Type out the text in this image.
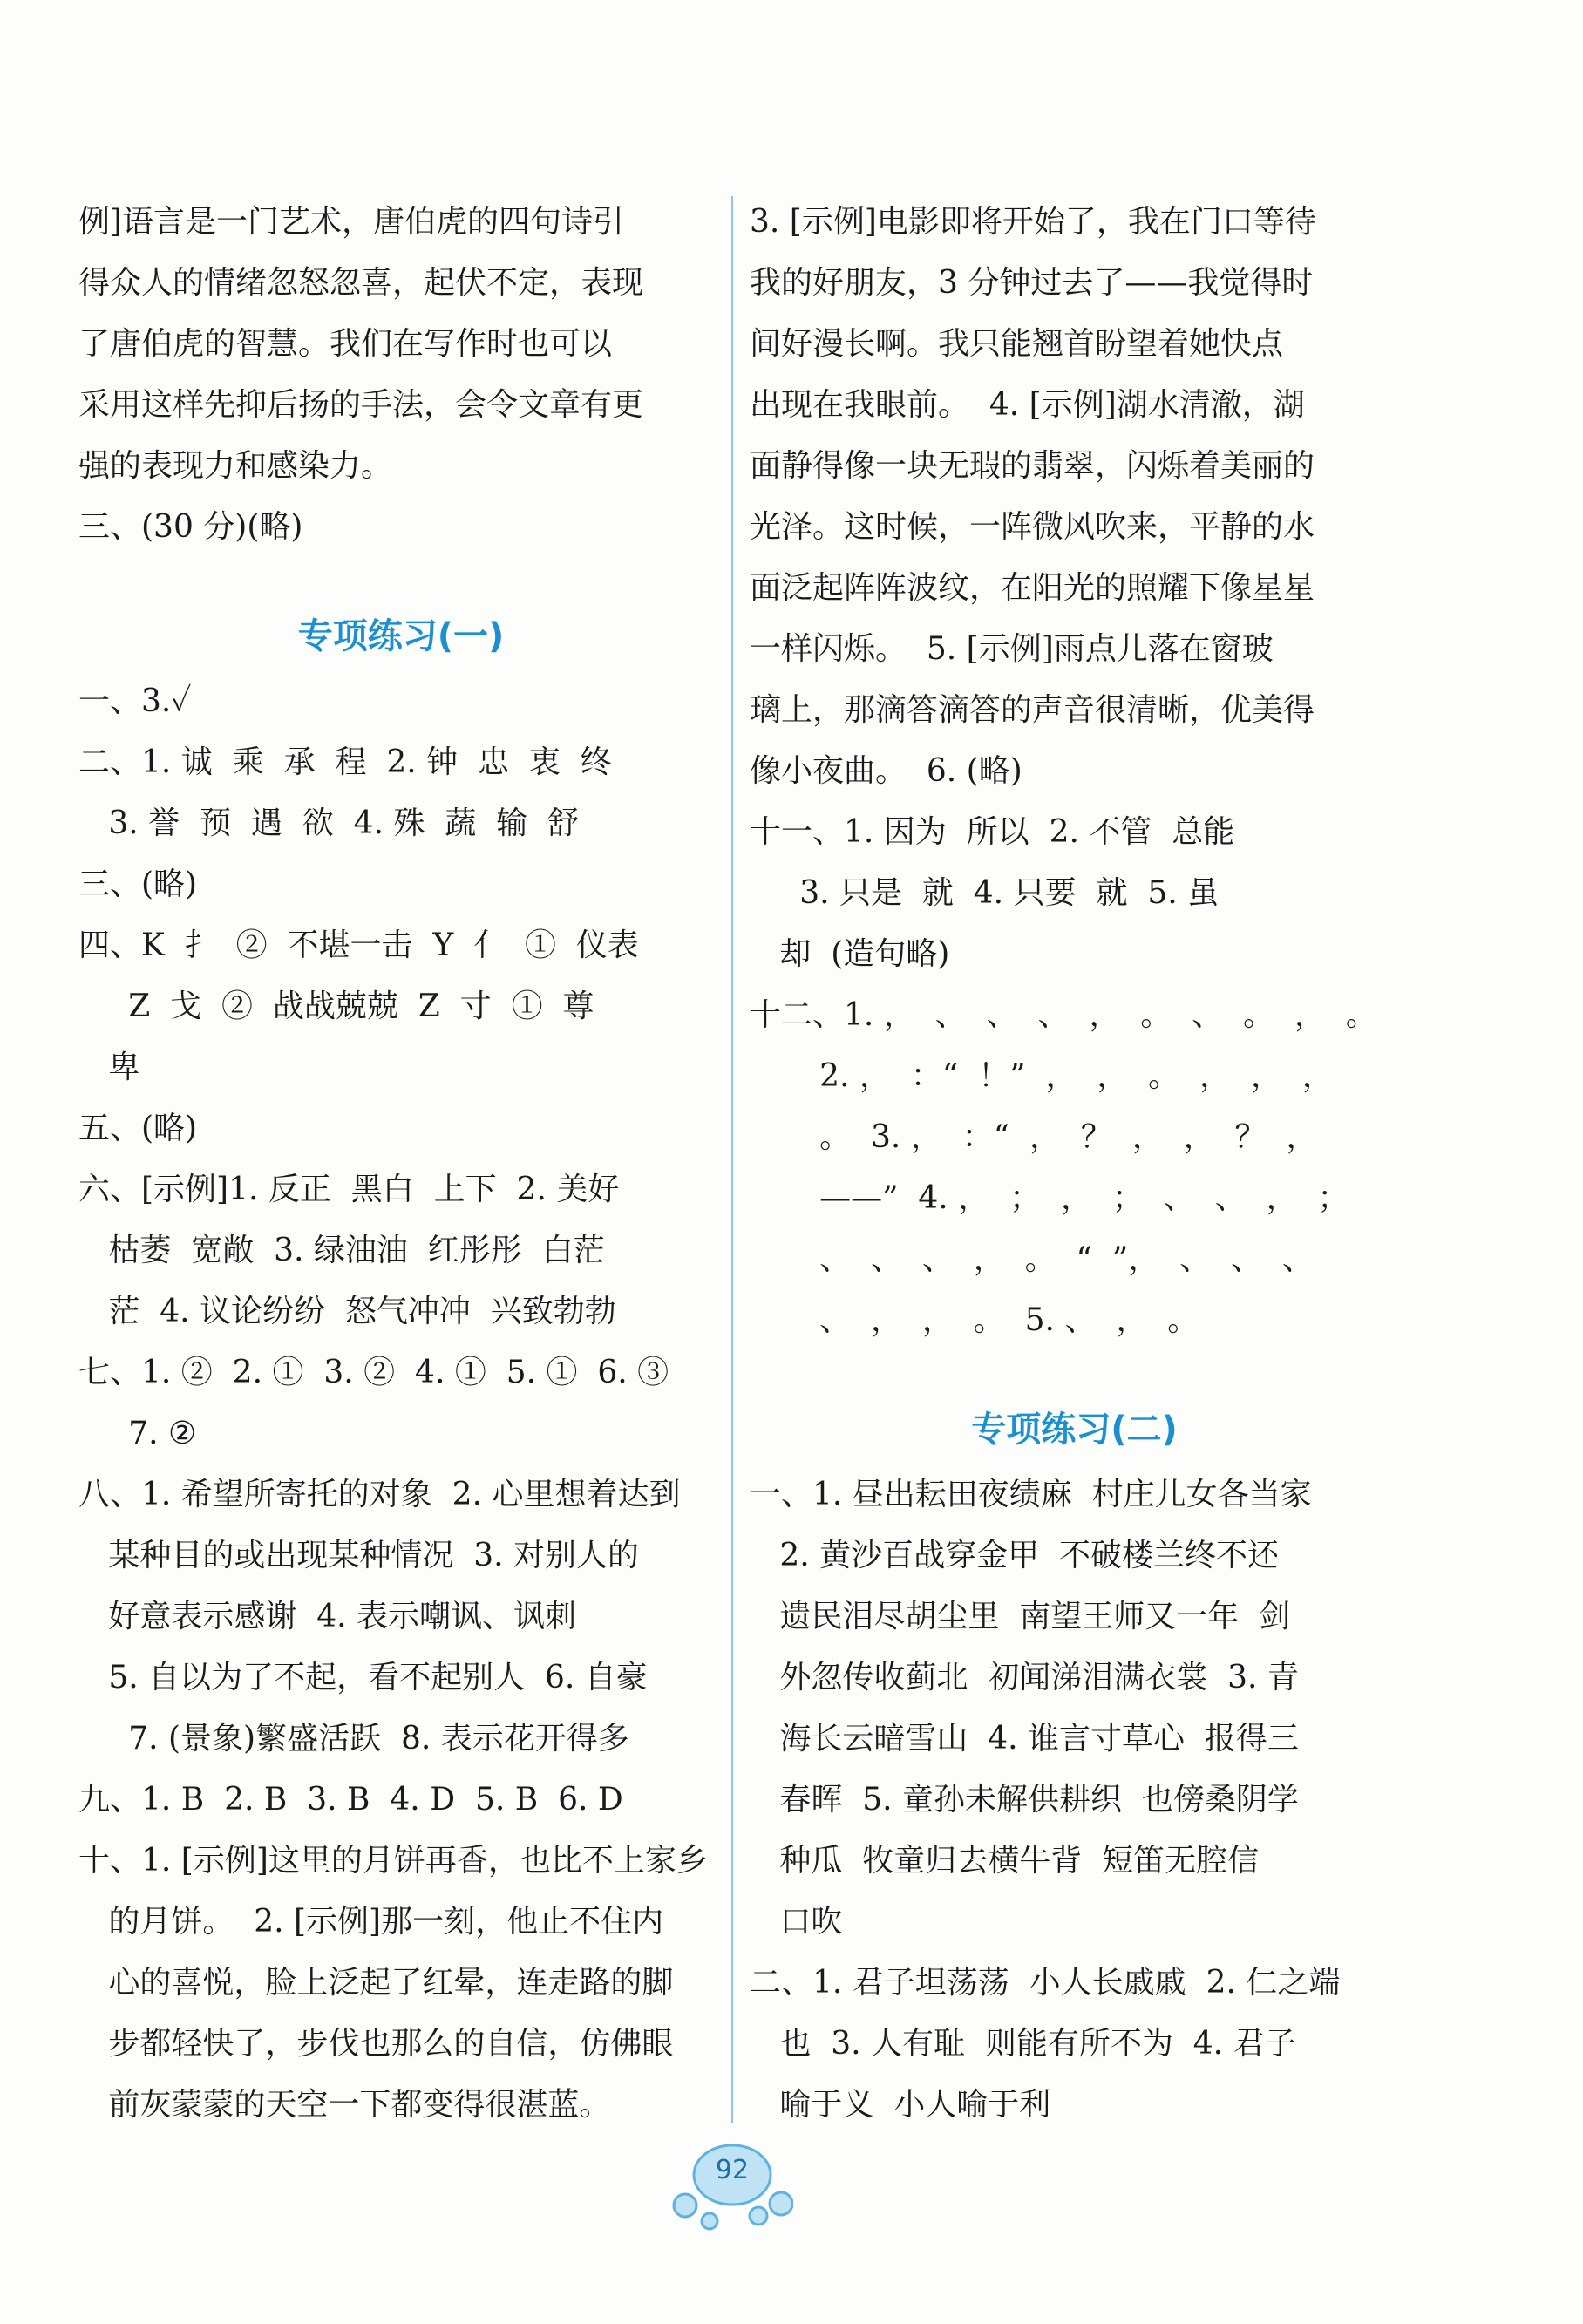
例]语言是一门艺术，唐伯虎的四句诗引
得众人的情绪忽怒忽喜，起伏不定，表现
了唐伯虎的智慧。我们在写作时也可以
采用这样先抑后扬的手法，会令文章有更
强的表现力和感染力。
三、(30 分)(略)
专项练习(一)
一、3.✓
二、1. 诚  乘  承  程  2. 钟  忠  衷  终
3. 誉  预  遇  欲  4. 殊  蔬  输  舒
三、(略)
四、K  扌  ②  不堪一击  Y  亻  ①  仪表
Z  戈  ②  战战兢兢  Z  寸  ①  尊
卑
五、(略)
六、[示例]1. 反正  黑白  上下  2. 美好
枯萎  宽敞  3. 绿油油  红彤彤  白茫
茫  4. 议论纷纷  怒气冲冲  兴致勃勃
七、1. ②  2. ①  3. ②  4. ①  5. ①  6. ③
7. ②
八、1. 希望所寄托的对象  2. 心里想着达到
某种目的或出现某种情况  3. 对别人的
好意表示感谢  4. 表示嘲讽、讽刺
5. 自以为了不起，看不起别人  6. 自豪
7. (景象)繁盛活跃  8. 表示花开得多
九、1. B  2. B  3. B  4. D  5. B  6. D
十、1. [示例]这里的月饼再香，也比不上家乡
的月饼。  2. [示例]那一刻，他止不住内
心的喜悦，脸上泛起了红晕，连走路的脚
步都轻快了，步伐也那么的自信，仿佛眼
前灰蒙蒙的天空一下都变得很湛蓝。
3. [示例]电影即将开始了，我在门口等待
我的好朋友，3 分钟过去了——我觉得时
间好漫长啊。我只能翘首盼望着她快点
出现在我眼前。  4. [示例]湖水清澈，湖
面静得像一块无瑕的翡翠，闪烁着美丽的
光泽。这时候，一阵微风吹来，平静的水
面泛起阵阵波纹，在阳光的照耀下像星星
一样闪烁。  5. [示例]雨点儿落在窗玻
璃上，那滴答滴答的声音很清晰，优美得
像小夜曲。  6. (略)
十一、1. 因为  所以  2. 不管  总能
3. 只是  就  4. 只要  就  5. 虽
却  (造句略)
十二、1. ，  、  、  、  ，  。  、  。  ，  。
2. ，  ：“  ！”  ，  ，  。  ，  ，  ，
。  3. ，  ：“  ，  ？  ，  ，  ？  ，
——”  4. ，  ；  ，  ；  、  、  ，  ；
、  、  、  ，  。  “  ”，  、  、  、
、  ，  ，  。  5. 、  ，  。
专项练习(二)
一、1. 昼出耘田夜绩麻  村庄儿女各当家
2. 黄沙百战穿金甲  不破楼兰终不还
遗民泪尽胡尘里  南望王师又一年  剑
外忽传收蓟北  初闻涕泪满衣裳  3. 青
海长云暗雪山  4. 谁言寸草心  报得三
春晖  5. 童孙未解供耕织  也傍桑阴学
种瓜  牧童归去横牛背  短笛无腔信
口吹
二、1. 君子坦荡荡  小人长戚戚  2. 仁之端
也  3. 人有耻  则能有所不为  4. 君子
喻于义  小人喻于利
92
